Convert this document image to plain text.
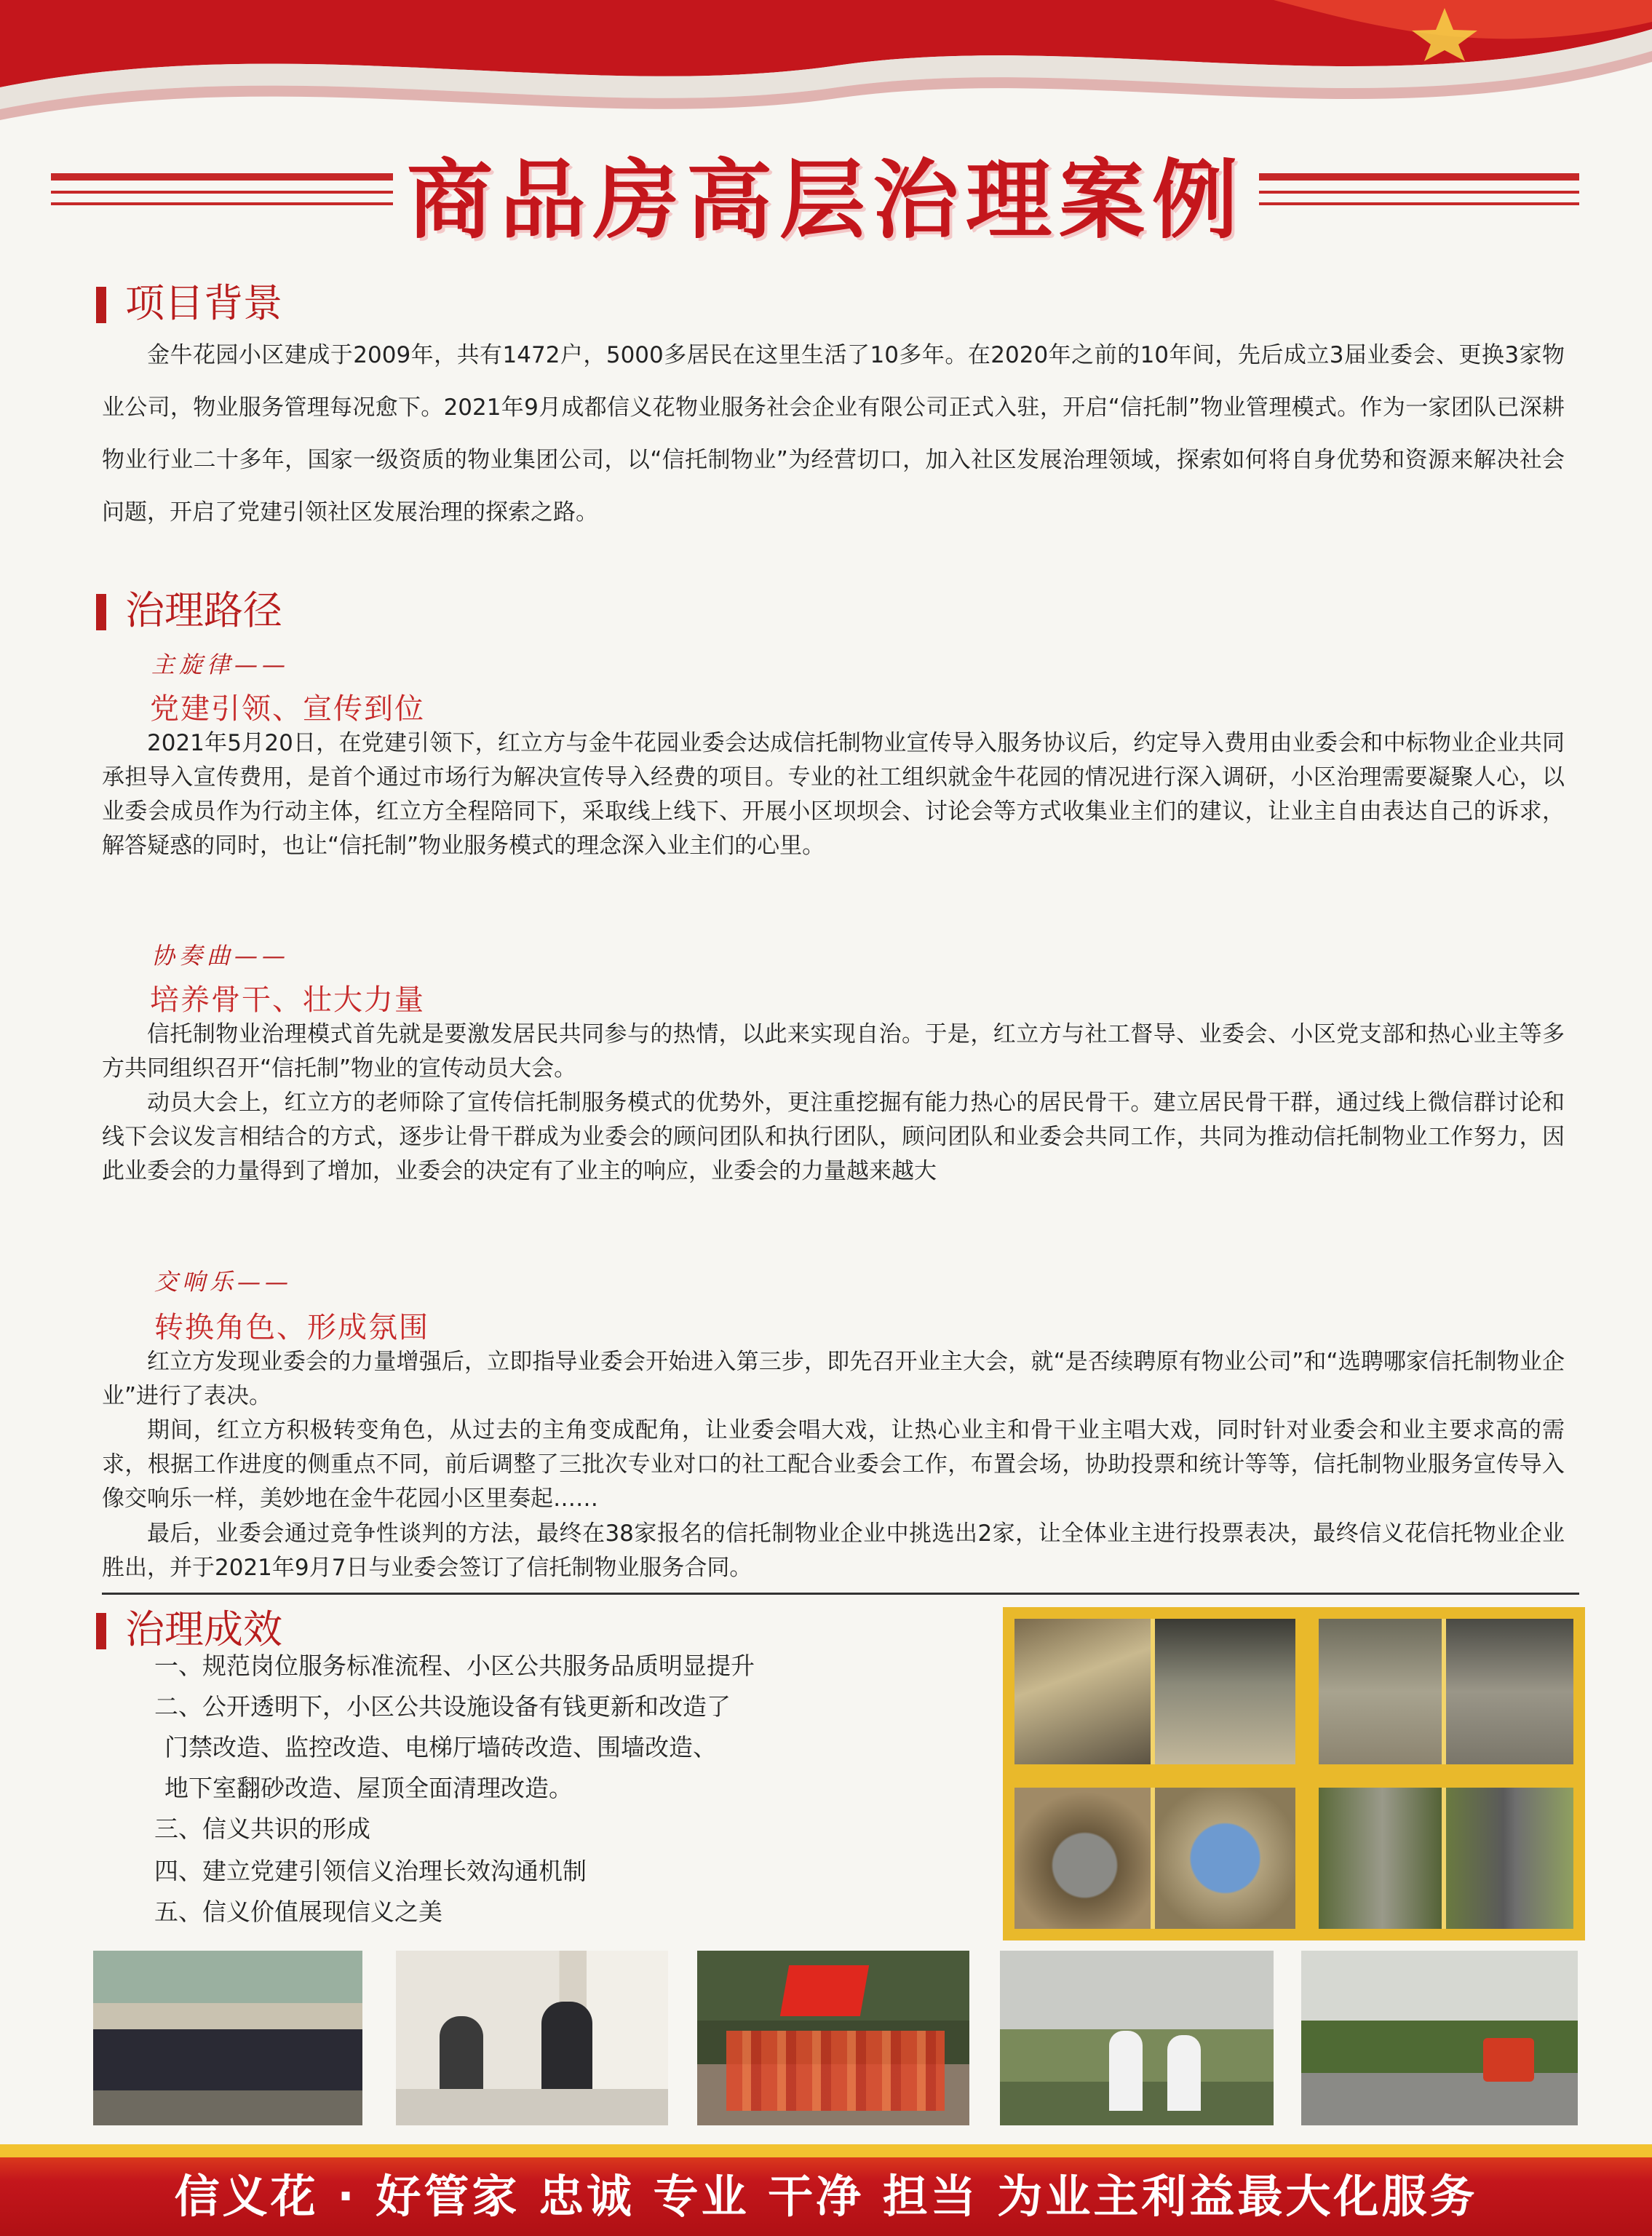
商品房高层治理案例
项目背景

金牛花园小区建成于2009年，共有1472户，5000多居民在这里生活了10多年。在2020年之前的10年间，先后成立3届业委会、更换3家物业公司，物业服务管理每况愈下。2021年9月成都信义花物业服务社会企业有限公司正式入驻，开启“信托制”物业管理模式。作为一家团队已深耕物业行业二十多年，国家一级资质的物业集团公司，以“信托制物业”为经营切口，加入社区发展治理领域，探索如何将自身优势和资源来解决社会问题，开启了党建引领社区发展治理的探索之路。

治理路径
主旋律——
党建引领、宣传到位

2021年5月20日，在党建引领下，红立方与金牛花园业委会达成信托制物业宣传导入服务协议后，约定导入费用由业委会和中标物业企业共同承担导入宣传费用，是首个通过市场行为解决宣传导入经费的项目。专业的社工组织就金牛花园的情况进行深入调研，小区治理需要凝聚人心，以业委会成员作为行动主体，红立方全程陪同下，采取线上线下、开展小区坝坝会、讨论会等方式收集业主们的建议，让业主自由表达自己的诉求，解答疑惑的同时，也让“信托制”物业服务模式的理念深入业主们的心里。

协奏曲——
培养骨干、壮大力量

信托制物业治理模式首先就是要激发居民共同参与的热情，以此来实现自治。于是，红立方与社工督导、业委会、小区党支部和热心业主等多方共同组织召开“信托制”物业的宣传动员大会。

动员大会上，红立方的老师除了宣传信托制服务模式的优势外，更注重挖掘有能力热心的居民骨干。建立居民骨干群，通过线上微信群讨论和线下会议发言相结合的方式，逐步让骨干群成为业委会的顾问团队和执行团队，顾问团队和业委会共同工作，共同为推动信托制物业工作努力，因此业委会的力量得到了增加，业委会的决定有了业主的响应，业委会的力量越来越大

交响乐——
转换角色、形成氛围

红立方发现业委会的力量增强后，立即指导业委会开始进入第三步，即先召开业主大会，就“是否续聘原有物业公司”和“选聘哪家信托制物业企业”进行了表决。

期间，红立方积极转变角色，从过去的主角变成配角，让业委会唱大戏，让热心业主和骨干业主唱大戏，同时针对业委会和业主要求高的需求，根据工作进度的侧重点不同，前后调整了三批次专业对口的社工配合业委会工作，布置会场，协助投票和统计等等，信托制物业服务宣传导入像交响乐一样，美妙地在金牛花园小区里奏起……

最后，业委会通过竞争性谈判的方法，最终在38家报名的信托制物业企业中挑选出2家，让全体业主进行投票表决，最终信义花信托物业企业胜出，并于2021年9月7日与业委会签订了信托制物业服务合同。

治理成效
一、规范岗位服务标准流程、小区公共服务品质明显提升
二、公开透明下，小区公共设施设备有钱更新和改造了
门禁改造、监控改造、电梯厅墙砖改造、围墙改造、
地下室翻砂改造、屋顶全面清理改造。
三、信义共识的形成
四、建立党建引领信义治理长效沟通机制
五、信义价值展现信义之美
信义花 · 好管家 忠诚 专业 干净 担当 为业主利益最大化服务
